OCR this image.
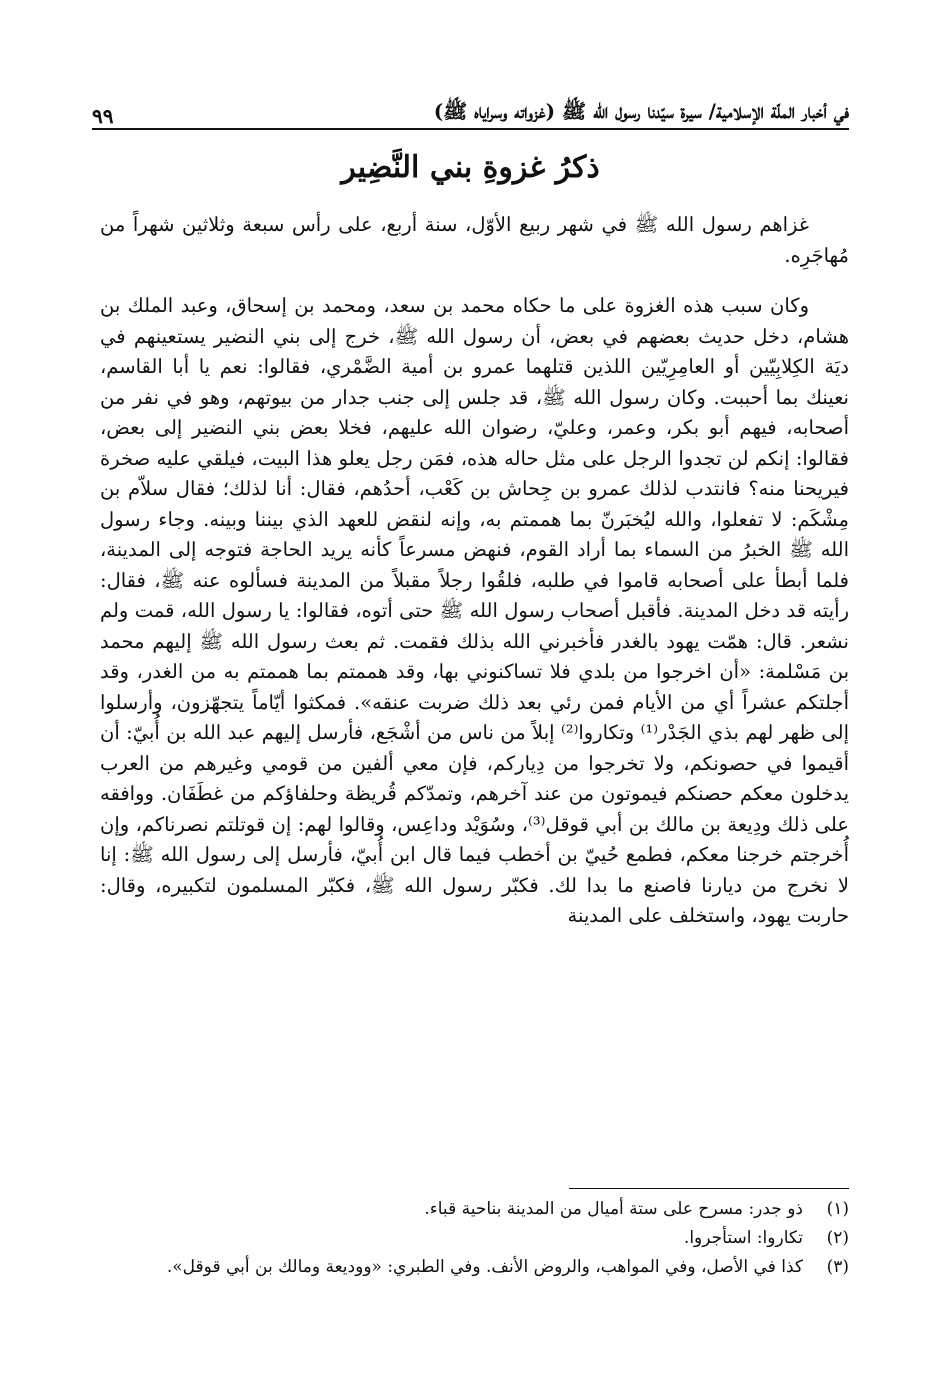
في أخبار الملّة الإسلامية/ سيرة سيّدنا رسول الله ﷺ (غزواته وسراياه ﷺ)
٩٩
ذكرُ غزوةِ بني النَّضِير

غزاهم رسول الله ﷺ في شهر ربيع الأوّل، سنة أربع، على رأس سبعة وثلاثين شهراً من مُهاجَرِه.

وكان سبب هذه الغزوة على ما حكاه محمد بن سعد، ومحمد بن إسحاق، وعبد الملك بن هشام، دخل حديث بعضهم في بعض، أن رسول الله ﷺ، خرج إلى بني النضير يستعينهم في ديَة الكِلابِيّين أو العامِرِيّين اللذين قتلهما عمرو بن أمية الضَّمْري، فقالوا: نعم يا أبا القاسم، نعينك بما أحببت. وكان رسول الله ﷺ، قد جلس إلى جنب جدار من بيوتهم، وهو في نفر من أصحابه، فيهم أبو بكر، وعمر، وعليّ، رضوان الله عليهم، فخلا بعض بني النضير إلى بعض، فقالوا: إنكم لن تجدوا الرجل على مثل حاله هذه، فمَن رجل يعلو هذا البيت، فيلقي عليه صخرة فيريحنا منه؟ فانتدب لذلك عمرو بن جِحاش بن كَعْب، أحدُهم، فقال: أنا لذلك؛ فقال سلاّم بن مِشْكَم: لا تفعلوا، والله ليُخبَرنّ بما هممتم به، وإنه لنقض للعهد الذي بيننا وبينه. وجاء رسول الله ﷺ الخبرُ من السماء بما أراد القوم، فنهض مسرعاً كأنه يريد الحاجة فتوجه إلى المدينة، فلما أبطأ على أصحابه قاموا في طلبه، فلقُوا رجلاً مقبلاً من المدينة فسألوه عنه ﷺ، فقال: رأيته قد دخل المدينة. فأقبل أصحاب رسول الله ﷺ حتى أتوه، فقالوا: يا رسول الله، قمت ولم نشعر. قال: همّت يهود بالغدر فأخبرني الله بذلك فقمت. ثم بعث رسول الله ﷺ إليهم محمد بن مَسْلمة: «أن اخرجوا من بلدي فلا تساكنوني بها، وقد هممتم بما هممتم به من الغدر، وقد أجلتكم عشراً أي من الأيام فمن رئي بعد ذلك ضربت عنقه». فمكثوا أيّاماً يتجهّزون، وأرسلوا إلى ظهر لهم بذي الجَدْر⁽¹⁾ وتكاروا⁽²⁾ إبلاً من ناس من أشْجَع، فأرسل إليهم عبد الله بن أُبيّ: أن أقيموا في حصونكم، ولا تخرجوا من دِياركم، فإن معي ألفين من قومي وغيرهم من العرب يدخلون معكم حصنكم فيموتون من عند آخرهم، وتمدّكم قُريظة وحلفاؤكم من غطَفَان. ووافقه على ذلك ودِيعة بن مالك بن أبي قوقل⁽³⁾، وسُوَيْد وداعِس، وقالوا لهم: إن قوتلتم نصرناكم، وإن أُخرجتم خرجنا معكم، فطمع حُييّ بن أخطب فيما قال ابن أُبيّ، فأرسل إلى رسول الله ﷺ: إنا لا نخرج من ديارنا فاصنع ما بدا لك. فكبّر رسول الله ﷺ، فكبّر المسلمون لتكبيره، وقال: حاربت يهود، واستخلف على المدينة

(١)
ذو جدر: مسرح على ستة أميال من المدينة بناحية قباء.
(٢)
تكاروا: استأجروا.
(٣)
كذا في الأصل، وفي المواهب، والروض الأنف. وفي الطبري: «ووديعة ومالك بن أبي قوقل».
